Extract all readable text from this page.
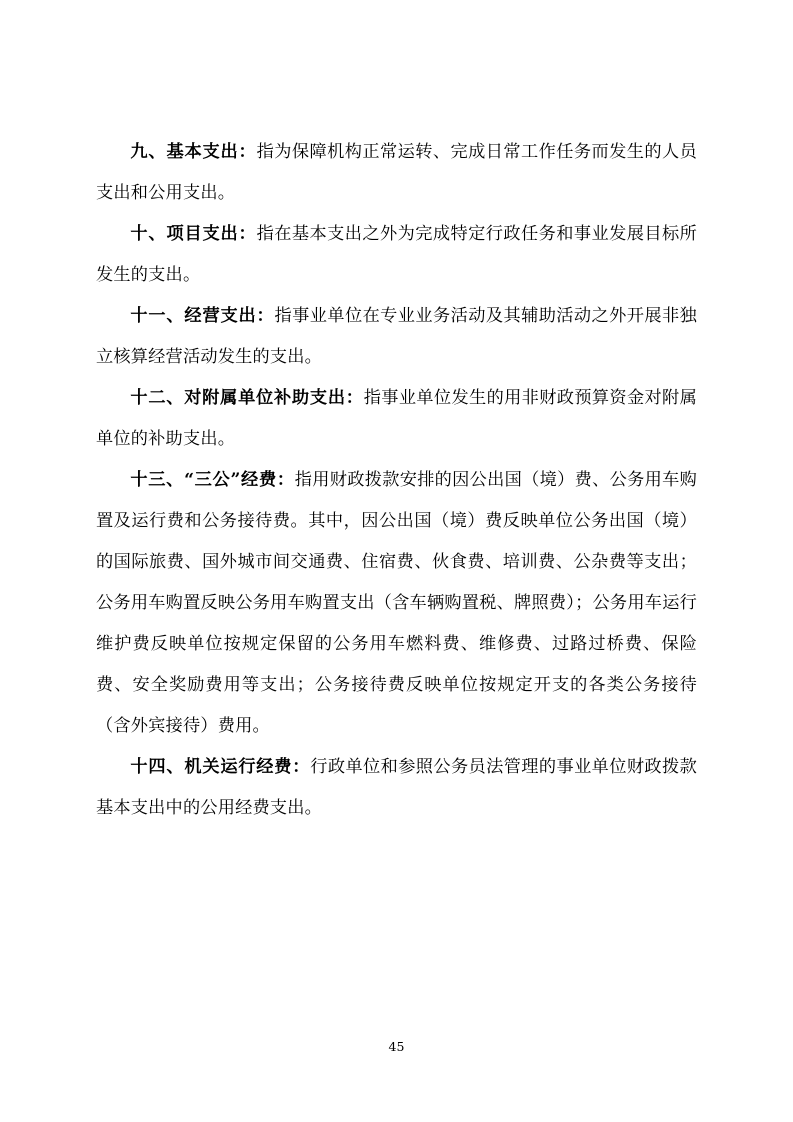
九、基本支出：指为保障机构正常运转、完成日常工作任务而发生的人员支出和公用支出。

十、项目支出：指在基本支出之外为完成特定行政任务和事业发展目标所发生的支出。

十一、经营支出：指事业单位在专业业务活动及其辅助活动之外开展非独立核算经营活动发生的支出。

十二、对附属单位补助支出：指事业单位发生的用非财政预算资金对附属单位的补助支出。

十三、“三公”经费：指用财政拨款安排的因公出国（境）费、公务用车购置及运行费和公务接待费。其中，因公出国（境）费反映单位公务出国（境）的国际旅费、国外城市间交通费、住宿费、伙食费、培训费、公杂费等支出；公务用车购置反映公务用车购置支出（含车辆购置税、牌照费）；公务用车运行维护费反映单位按规定保留的公务用车燃料费、维修费、过路过桥费、保险费、安全奖励费用等支出；公务接待费反映单位按规定开支的各类公务接待（含外宾接待）费用。

十四、机关运行经费：行政单位和参照公务员法管理的事业单位财政拨款基本支出中的公用经费支出。

45
